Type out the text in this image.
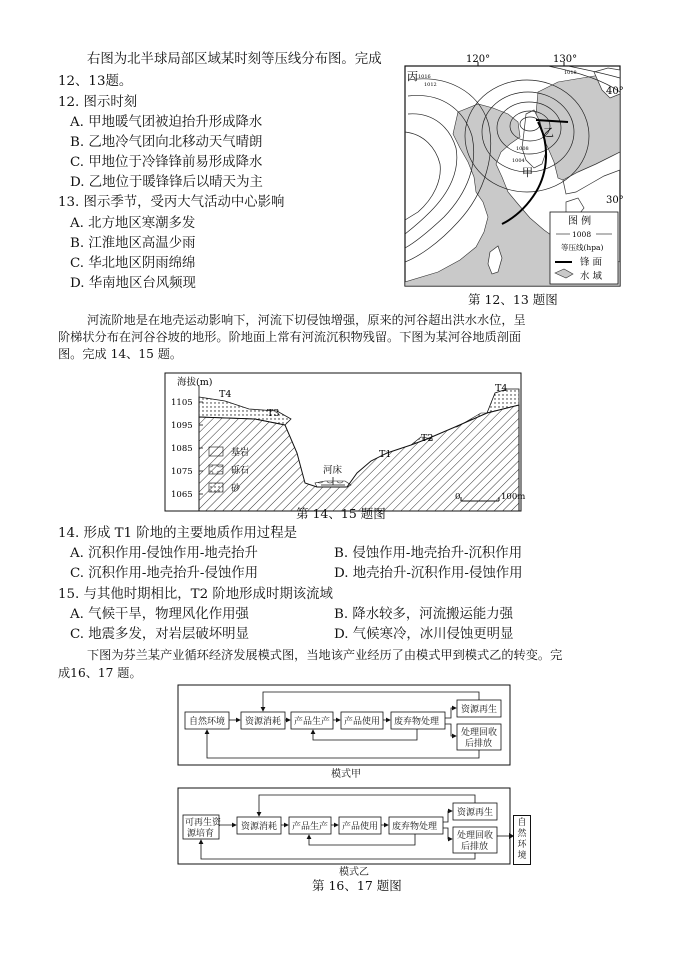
右图为北半球局部区域某时刻等压线分布图。完成
12、13题。
12. 图示时刻
A. 甲地暖气团被迫抬升形成降水
B. 乙地冷气团向北移动天气晴朗
C. 甲地位于冷锋锋前易形成降水
D. 乙地位于暖锋锋后以晴天为主
13. 图示季节，受丙大气活动中心影响
A. 北方地区寒潮多发
B. 江淮地区高温少雨
C. 华北地区阴雨绵绵
D. 华南地区台风频现
120°	130°
40°
30°
丙
甲
乙
1016
1012
1008
1004
1018
图 例
1008
等压线(hpa)
锋 面
水 域
第 12、13 题图
河流阶地是在地壳运动影响下，河流下切侵蚀增强，原来的河谷超出洪水水位，呈
阶梯状分布在河谷谷坡的地形。阶地面上常有河流沉积物残留。下图为某河谷地质剖面
图。完成 14、15 题。
海拔(m)
1105
1095
1085
1075
1065
T4
T3
T2
T1
T4
河床
基岩
砾石
砂
0	100m
第 14、15 题图
14. 形成 T1 阶地的主要地质作用过程是
A. 沉积作用-侵蚀作用-地壳抬升	B. 侵蚀作用-地壳抬升-沉积作用
C. 沉积作用-地壳抬升-侵蚀作用	D. 地壳抬升-沉积作用-侵蚀作用
15. 与其他时期相比，T2 阶地形成时期该流域
A. 气候干旱，物理风化作用强	B. 降水较多，河流搬运能力强
C. 地震多发，对岩层破坏明显	D. 气候寒冷，冰川侵蚀更明显
下图为芬兰某产业循环经济发展模式图，当地该产业经历了由模式甲到模式乙的转变。完
成16、17 题。
自然环境 资源消耗 产品生产 产品使用 废弃物处理
资源再生
处理回收
后排放
模式甲
可再生资
源培育
资源消耗 产品生产 产品使用 废弃物处理
资源再生
处理回收
后排放
自
然
环
境
模式乙
第 16、17 题图
